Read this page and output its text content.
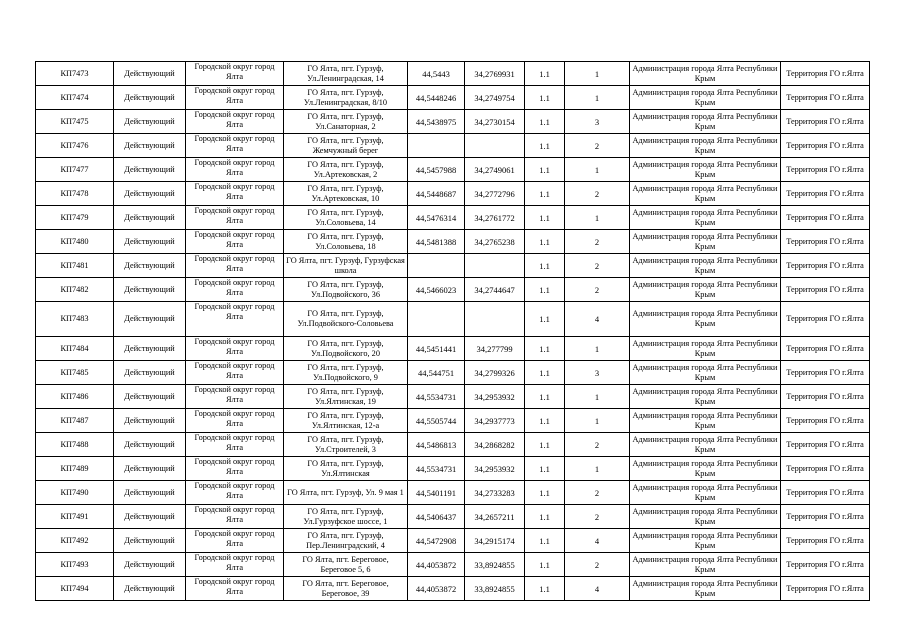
КП7473	Действующий	Городской округ город Ялта	ГО Ялта, пгт. Гурзуф, Ул.Ленинградская, 14	44,5443	34,2769931	1.1	1	Администрация города Ялта Республики Крым	Территория ГО г.Ялта
КП7474	Действующий	Городской округ город Ялта	ГО Ялта, пгт. Гурзуф, Ул.Ленинградская, 8/10	44,5448246	34,2749754	1.1	1	Администрация города Ялта Республики Крым	Территория ГО г.Ялта
КП7475	Действующий	Городской округ город Ялта	ГО Ялта, пгт. Гурзуф, Ул.Санаторная, 2	44,5438975	34,2730154	1.1	3	Администрация города Ялта Республики Крым	Территория ГО г.Ялта
КП7476	Действующий	Городской округ город Ялта	ГО Ялта, пгт. Гурзуф, Жемчужный берег			1.1	2	Администрация города Ялта Республики Крым	Территория ГО г.Ялта
КП7477	Действующий	Городской округ город Ялта	ГО Ялта, пгт. Гурзуф, Ул.Артековская, 2	44,5457988	34,2749061	1.1	1	Администрация города Ялта Республики Крым	Территория ГО г.Ялта
КП7478	Действующий	Городской округ город Ялта	ГО Ялта, пгт. Гурзуф, Ул.Артековская, 10	44,5448687	34,2772796	1.1	2	Администрация города Ялта Республики Крым	Территория ГО г.Ялта
КП7479	Действующий	Городской округ город Ялта	ГО Ялта, пгт. Гурзуф, Ул.Соловьева, 14	44,5476314	34,2761772	1.1	1	Администрация города Ялта Республики Крым	Территория ГО г.Ялта
КП7480	Действующий	Городской округ город Ялта	ГО Ялта, пгт. Гурзуф, Ул.Соловьева, 18	44,5481388	34,2765238	1.1	2	Администрация города Ялта Республики Крым	Территория ГО г.Ялта
КП7481	Действующий	Городской округ город Ялта	ГО Ялта, пгт. Гурзуф, Гурзуфская школа			1.1	2	Администрация города Ялта Республики Крым	Территория ГО г.Ялта
КП7482	Действующий	Городской округ город Ялта	ГО Ялта, пгт. Гурзуф, Ул.Подвойского, 36	44,5466023	34,2744647	1.1	2	Администрация города Ялта Республики Крым	Территория ГО г.Ялта
КП7483	Действующий	Городской округ город Ялта	ГО Ялта, пгт. Гурзуф, Ул.Подвойского-Соловьева			1.1	4	Администрация города Ялта Республики Крым	Территория ГО г.Ялта
КП7484	Действующий	Городской округ город Ялта	ГО Ялта, пгт. Гурзуф, Ул.Подвойского, 20	44,5451441	34,277799	1.1	1	Администрация города Ялта Республики Крым	Территория ГО г.Ялта
КП7485	Действующий	Городской округ город Ялта	ГО Ялта, пгт. Гурзуф, Ул.Подвойского, 9	44,544751	34,2799326	1.1	3	Администрация города Ялта Республики Крым	Территория ГО г.Ялта
КП7486	Действующий	Городской округ город Ялта	ГО Ялта, пгт. Гурзуф, Ул.Ялтинская, 19	44,5534731	34,2953932	1.1	1	Администрация города Ялта Республики Крым	Территория ГО г.Ялта
КП7487	Действующий	Городской округ город Ялта	ГО Ялта, пгт. Гурзуф, Ул.Ялтинская, 12-а	44,5505744	34,2937773	1.1	1	Администрация города Ялта Республики Крым	Территория ГО г.Ялта
КП7488	Действующий	Городской округ город Ялта	ГО Ялта, пгт. Гурзуф, Ул.Строителей, 3	44,5486813	34,2868282	1.1	2	Администрация города Ялта Республики Крым	Территория ГО г.Ялта
КП7489	Действующий	Городской округ город Ялта	ГО Ялта, пгт. Гурзуф, Ул.Ялтинская	44,5534731	34,2953932	1.1	1	Администрация города Ялта Республики Крым	Территория ГО г.Ялта
КП7490	Действующий	Городской округ город Ялта	ГО Ялта, пгт. Гурзуф, Ул. 9 мая 1	44,5401191	34,2733283	1.1	2	Администрация города Ялта Республики Крым	Территория ГО г.Ялта
КП7491	Действующий	Городской округ город Ялта	ГО Ялта, пгт. Гурзуф, Ул.Гурзуфское шоссе, 1	44,5406437	34,2657211	1.1	2	Администрация города Ялта Республики Крым	Территория ГО г.Ялта
КП7492	Действующий	Городской округ город Ялта	ГО Ялта, пгт. Гурзуф, Пер.Ленинградский, 4	44,5472908	34,2915174	1.1	4	Администрация города Ялта Республики Крым	Территория ГО г.Ялта
КП7493	Действующий	Городской округ город Ялта	ГО Ялта, пгт. Береговое, Береговое 5, 6	44,4053872	33,8924855	1.1	2	Администрация города Ялта Республики Крым	Территория ГО г.Ялта
КП7494	Действующий	Городской округ город Ялта	ГО Ялта, пгт. Береговое, Береговое, 39	44,4053872	33,8924855	1.1	4	Администрация города Ялта Республики Крым	Территория ГО г.Ялта
